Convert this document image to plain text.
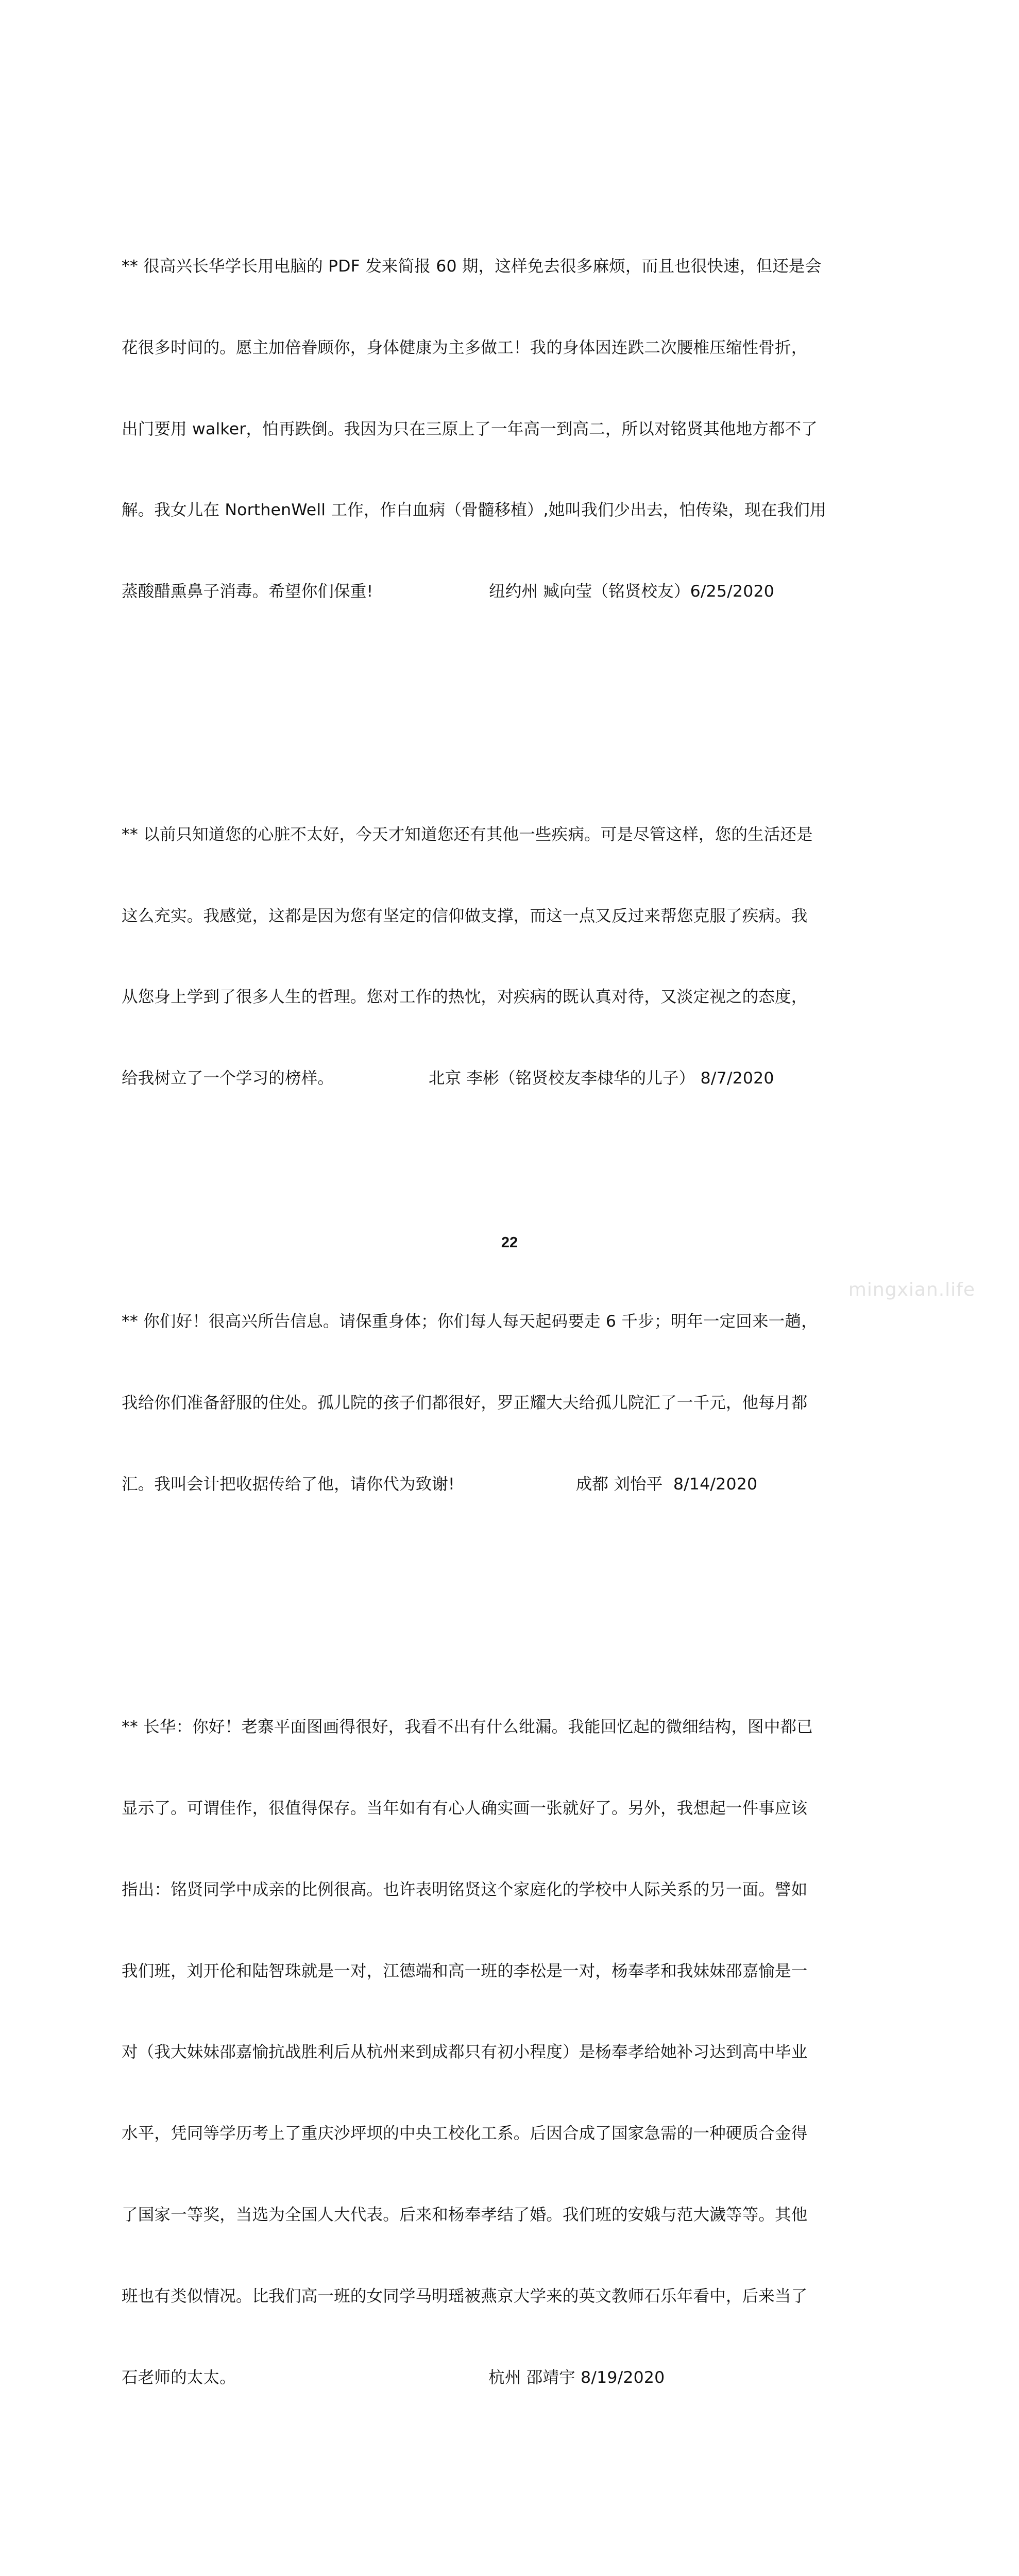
** 很高兴长华学长用电脑的 PDF 发来简报 60 期，这样免去很多麻烦，而且也很快速，但还是会

花很多时间的。愿主加倍眷顾你，身体健康为主多做工！我的身体因连跌二次腰椎压缩性骨折，

出门要用 walker，怕再跌倒。我因为只在三原上了一年高一到高二，所以对铭贤其他地方都不了

解。我女儿在 NorthenWell 工作，作白血病（骨髓移植）,她叫我们少出去，怕传染，现在我们用

蒸酸醋熏鼻子消毒。希望你们保重!                      纽约州 臧向莹（铭贤校友）6/25/2020

** 以前只知道您的心脏不太好，今天才知道您还有其他一些疾病。可是尽管这样，您的生活还是

这么充实。我感觉，这都是因为您有坚定的信仰做支撑，而这一点又反过来帮您克服了疾病。我

从您身上学到了很多人生的哲理。您对工作的热忱，对疾病的既认真对待，又淡定视之的态度，

给我树立了一个学习的榜样。                  北京 李彬（铭贤校友李棣华的儿子） 8/7/2020

** 你们好！很高兴所告信息。请保重身体；你们每人每天起码要走 6 千步；明年一定回来一趟，

我给你们准备舒服的住处。孤儿院的孩子们都很好，罗正耀大夫给孤儿院汇了一千元，他每月都

汇。我叫会计把收据传给了他，请你代为致谢!                       成都 刘怡平  8/14/2020

** 长华：你好！老寨平面图画得很好，我看不出有什么纰漏。我能回忆起的微细结构，图中都已

显示了。可谓佳作，很值得保存。当年如有有心人确实画一张就好了。另外，我想起一件事应该

指出：铭贤同学中成亲的比例很高。也许表明铭贤这个家庭化的学校中人际关系的另一面。譬如

我们班，刘开伦和陆智珠就是一对，江德端和高一班的李松是一对，杨奉孝和我妹妹邵嘉愉是一

对（我大妹妹邵嘉愉抗战胜利后从杭州来到成都只有初小程度）是杨奉孝给她补习达到高中毕业

水平，凭同等学历考上了重庆沙坪坝的中央工校化工系。后因合成了国家急需的一种硬质合金得

了国家一等奖，当选为全国人大代表。后来和杨奉孝结了婚。我们班的安娥与范大濊等等。其他

班也有类似情况。比我们高一班的女同学马明瑶被燕京大学来的英文教师石乐年看中，后来当了

石老师的太太。                                                杭州 邵靖宇 8/19/2020

22
mingxian.life
